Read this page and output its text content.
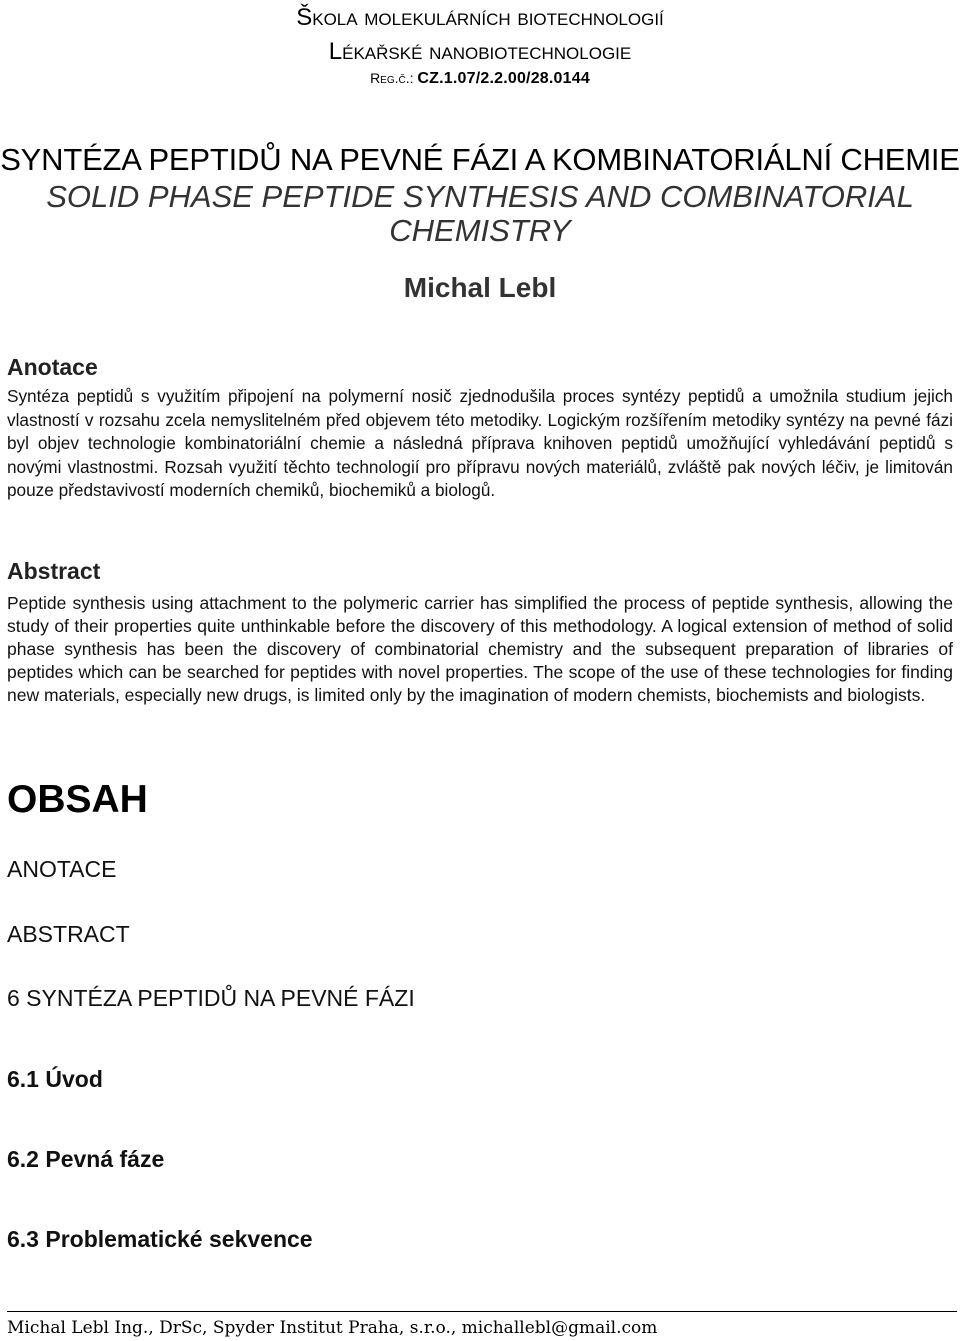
Škola molekulárních biotechnologií
Lékařské nanobiotechnologie
Reg.č.: CZ.1.07/2.2.00/28.0144
SYNTÉZA PEPTIDŮ NA PEVNÉ FÁZI A KOMBINATORIÁLNÍ CHEMIE
SOLID PHASE PEPTIDE SYNTHESIS AND COMBINATORIAL
CHEMISTRY
Michal Lebl
Anotace

Syntéza peptidů s využitím připojení na polymerní nosič zjednodušila proces syntézy peptidů a umožnila studium jejich vlastností v rozsahu zcela nemyslitelném před objevem této metodiky. Logickým rozšířením metodiky syntézy na pevné fázi byl objev technologie kombinatoriální chemie a následná příprava knihoven peptidů umožňující vyhledávání peptidů s novými vlastnostmi. Rozsah využití těchto technologií pro přípravu nových materiálů, zvláště pak nových léčiv, je limitován pouze představivostí moderních chemiků, biochemiků a biologů.

Abstract

Peptide synthesis using attachment to the polymeric carrier has simplified the process of peptide synthesis, allowing the study of their properties quite unthinkable before the discovery of this methodology. A logical extension of method of solid phase synthesis has been the discovery of combinatorial chemistry and the subsequent preparation of libraries of peptides which can be searched for peptides with novel properties. The scope of the use of these technologies for finding new materials, especially new drugs, is limited only by the imagination of modern chemists, biochemists and biologists.

OBSAH
ANOTACE
ABSTRACT
6 SYNTÉZA PEPTIDŮ NA PEVNÉ FÁZI
6.1 Úvod
6.2 Pevná fáze
6.3 Problematické sekvence
Michal Lebl Ing., DrSc, Spyder Institut Praha, s.r.o., michallebl@gmail.com
